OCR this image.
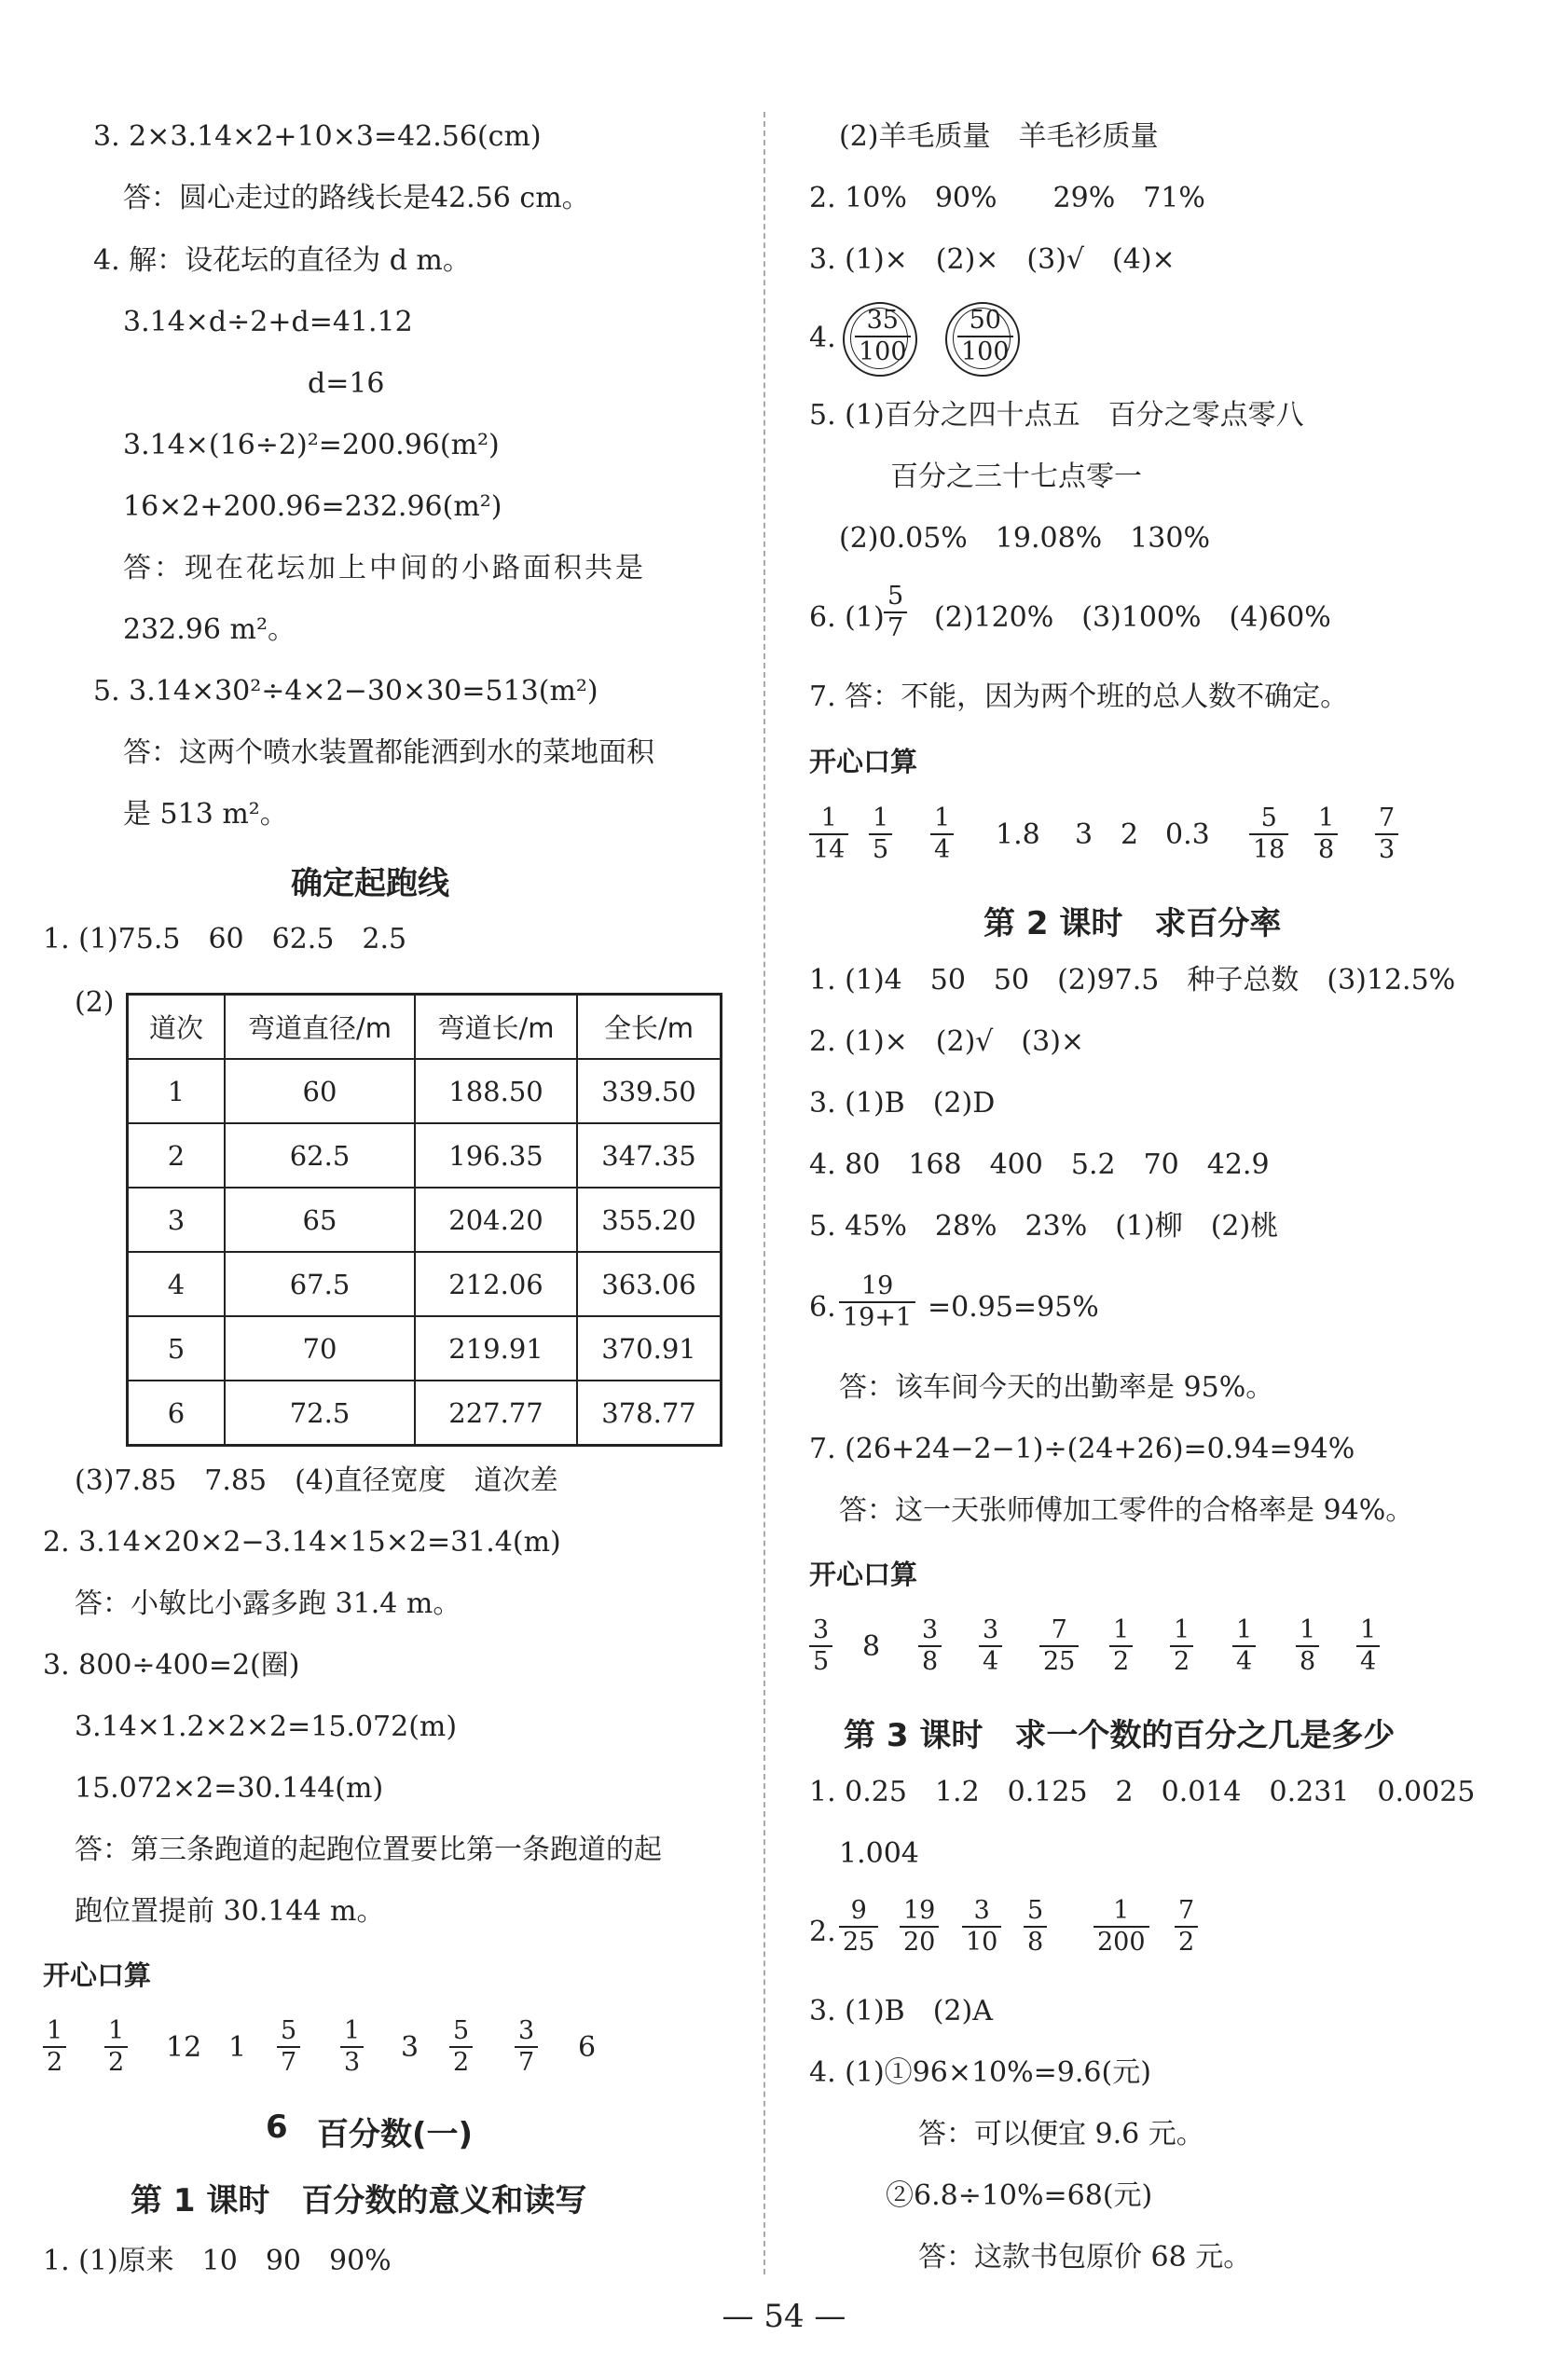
3. 2×3.14×2+10×3=42.56(cm)
答：圆心走过的路线长是42.56 cm。
4. 解：设花坛的直径为 d m。
3.14×d÷2+d=41.12
d=16
3.14×(16÷2)²=200.96(m²)
16×2+200.96=232.96(m²)
答：现在花坛加上中间的小路面积共是
232.96 m²。
5. 3.14×30²÷4×2−30×30=513(m²)
答：这两个喷水装置都能洒到水的菜地面积
是 513 m²。
确定起跑线
1. (1)75.5　60　62.5　2.5
(2)
道次	弯道直径/m	弯道长/m	全长/m
1	60	188.50	339.50
2	62.5	196.35	347.35
3	65	204.20	355.20
4	67.5	212.06	363.06
5	70	219.91	370.91
6	72.5	227.77	378.77
(3)7.85　7.85　(4)直径宽度　道次差
2. 3.14×20×2−3.14×15×2=31.4(m)
答：小敏比小露多跑 31.4 m。
3. 800÷400=2(圈)
3.14×1.2×2×2=15.072(m)
15.072×2=30.144(m)
答：第三条跑道的起跑位置要比第一条跑道的起
跑位置提前 30.144 m。
开心口算
$\frac{1}{2} \frac{1}{2} 12$ $1 \frac{5}{7} \frac{1}{3} 3 \frac{5}{2} \frac{3}{7} 6$
6 百分数(一)
第 1 课时　百分数的意义和读写
1. (1)原来　10　90　90%
(2)羊毛质量　羊毛衫质量
2. 10%　90%　　29%　71%
3. (1)×　(2)×　(3)√　(4)×
4. $\frac{35}{100} \frac{50}{100}$
5. (1)百分之四十点五　百分之零点零八
百分之三十七点零一
(2)0.05%　19.08%　130%
6. $(1) \frac{5}{7} (2)120\%$　(3)100%　(4)60%
7. 答：不能，因为两个班的总人数不确定。
开心口算
$\frac{1}{14} \frac{1}{5} \frac{1}{4} 1.8$ 3 2 $0.3 \frac{5}{18} \frac{1}{8} \frac{7}{3}$
第 2 课时　求百分率
1. (1)4　50　50　(2)97.5　种子总数　(3)12.5%
2. (1)×　(2)√　(3)×
3. (1)B　(2)D
4. 80　168　400　5.2　70　42.9
5. 45%　28%　23%　(1)柳　(2)桃
6. $\frac{19}{19+1} =0.95=95\%$
答：该车间今天的出勤率是 95%。
7. (26+24−2−1)÷(24+26)=0.94=94%
答：这一天张师傅加工零件的合格率是 94%。
开心口算
$\frac{3}{5} 8 \frac{3}{8} \frac{3}{4} \frac{7}{25} \frac{1}{2} \frac{1}{2} \frac{1}{4} \frac{1}{8} \frac{1}{4}$
第 3 课时　求一个数的百分之几是多少
1. 0.25　1.2　0.125　2　0.014　0.231　0.0025
1.004
2. $\frac{9}{25} \frac{19}{20} \frac{3}{10} \frac{5}{8} \frac{1}{200} \frac{7}{2}$
3. (1)B　(2)A
4. (1)①96×10%=9.6(元)
答：可以便宜 9.6 元。
②6.8÷10%=68(元)
答：这款书包原价 68 元。
— 54 —
